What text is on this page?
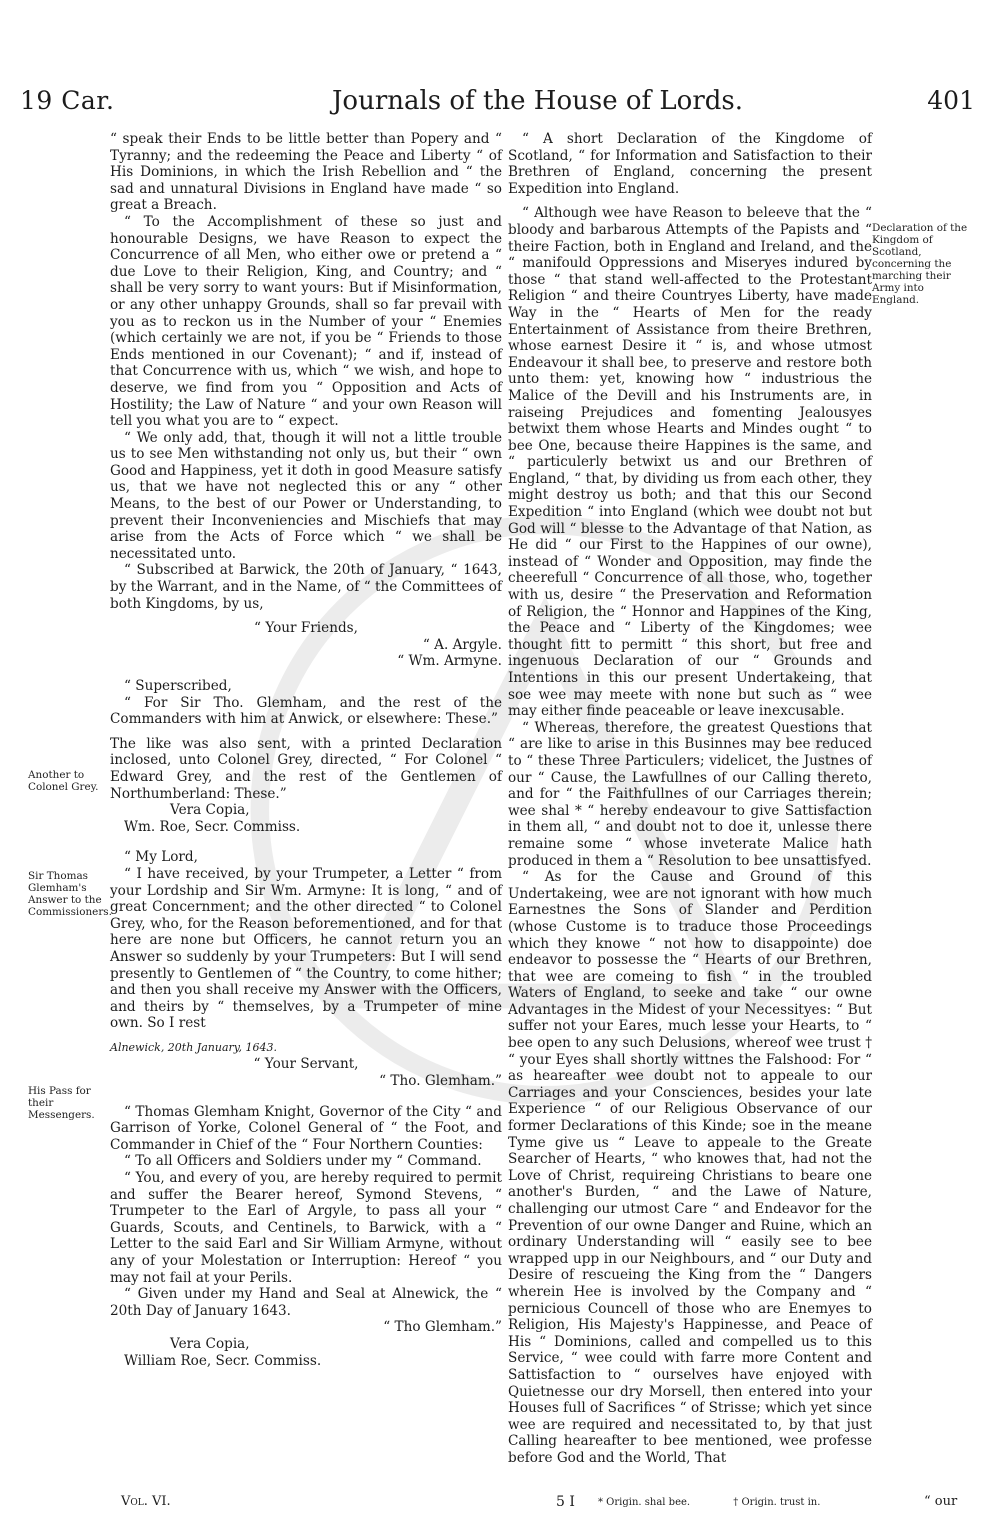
19 Car.	Journals of the House of Lords.	401

“ speak their Ends to be little better than Popery and “ Tyranny; and the redeeming the Peace and Liberty “ of His Dominions, in which the Irish Rebellion and “ the sad and unnatural Divisions in England have made “ so great a Breach.

“ To the Accomplishment of these so just and honourable Designs, we have Reason to expect the Concurrence of all Men, who either owe or pretend a “ due Love to their Religion, King, and Country; and “ shall be very sorry to want yours: But if Misinformation, or any other unhappy Grounds, shall so far prevail with you as to reckon us in the Number of your “ Enemies (which certainly we are not, if you be “ Friends to those Ends mentioned in our Covenant); “ and if, instead of that Concurrence with us, which “ we wish, and hope to deserve, we find from you “ Opposition and Acts of Hostility; the Law of Nature “ and your own Reason will tell you what you are to “ expect.

“ We only add, that, though it will not a little trouble us to see Men withstanding not only us, but their “ own Good and Happiness, yet it doth in good Measure satisfy us, that we have not neglected this or any “ other Means, to the best of our Power or Understanding, to prevent their Inconveniencies and Mischiefs that may arise from the Acts of Force which “ we shall be necessitated unto.

“ Subscribed at Barwick, the 20th of January, “ 1643, by the Warrant, and in the Name, of “ the Committees of both Kingdoms, by us,

“ Your Friends,

“ A. Argyle.

“ Wm. Armyne.

“ Superscribed,

“ For Sir Tho. Glemham, and the rest of the Commanders with him at Anwick, or elsewhere: These.”

The like was also sent, with a printed Declaration inclosed, unto Colonel Grey, directed, “ For Colonel “ Edward Grey, and the rest of the Gentlemen of Northumberland: These.”

Vera Copia,

Wm. Roe, Secr. Commiss.

“ My Lord,

“ I have received, by your Trumpeter, a Letter “ from your Lordship and Sir Wm. Armyne: It is long, “ and of great Concernment; and the other directed “ to Colonel Grey, who, for the Reason beforementioned, and for that here are none but Officers, he cannot return you an Answer so suddenly by your Trumpeters: But I will send presently to Gentlemen of “ the Country, to come hither; and then you shall receive my Answer with the Officers, and theirs by “ themselves, by a Trumpeter of mine own. So I rest

Alnewick, 20th January, 1643.

“ Your Servant,

“ Tho. Glemham.”

“ Thomas Glemham Knight, Governor of the City “ and Garrison of Yorke, Colonel General of “ the Foot, and Commander in Chief of the “ Four Northern Counties:

“ To all Officers and Soldiers under my “ Command.

“ You, and every of you, are hereby required to permit and suffer the Bearer hereof, Symond Stevens, “ Trumpeter to the Earl of Argyle, to pass all your “ Guards, Scouts, and Centinels, to Barwick, with a “ Letter to the said Earl and Sir William Armyne, without any of your Molestation or Interruption: Hereof “ you may not fail at your Perils.

“ Given under my Hand and Seal at Alnewick, the “ 20th Day of January 1643.

“ Tho Glemham.”

Vera Copia,

William Roe, Secr. Commiss.

“ A short Declaration of the Kingdome of Scotland, “ for Information and Satisfaction to their Brethren of England, concerning the present Expedition into England.

“ Although wee have Reason to beleeve that the “ bloody and barbarous Attempts of the Papists and “ theire Faction, both in England and Ireland, and the “ manifould Oppressions and Miseryes indured by those “ that stand well-affected to the Protestant Religion “ and theire Countryes Liberty, have made Way in the “ Hearts of Men for the ready Entertainment of Assistance from theire Brethren, whose earnest Desire it “ is, and whose utmost Endeavour it shall bee, to preserve and restore both unto them: yet, knowing how “ industrious the Malice of the Devill and his Instruments are, in raiseing Prejudices and fomenting Jealousyes betwixt them whose Hearts and Mindes ought “ to bee One, because theire Happines is the same, and “ particulerly betwixt us and our Brethren of England, “ that, by dividing us from each other, they might destroy us both; and that this our Second Expedition “ into England (which wee doubt not but God will “ blesse to the Advantage of that Nation, as He did “ our First to the Happines of our owne), instead of “ Wonder and Opposition, may finde the cheerefull “ Concurrence of all those, who, together with us, desire “ the Preservation and Reformation of Religion, the “ Honnor and Happines of the King, the Peace and “ Liberty of the Kingdomes; wee thought fitt to permitt “ this short, but free and ingenuous Declaration of our “ Grounds and Intentions in this our present Undertakeing, that soe wee may meete with none but such as “ wee may either finde peaceable or leave inexcusable.

“ Whereas, therefore, the greatest Questions that “ are like to arise in this Businnes may bee reduced to “ these Three Particulers; videlicet, the Justnes of our “ Cause, the Lawfullnes of our Calling thereto, and for “ the Faithfullnes of our Carriages therein; wee shal * “ hereby endeavour to give Sattisfaction in them all, “ and doubt not to doe it, unlesse there remaine some “ whose inveterate Malice hath produced in them a “ Resolution to bee unsattisfyed.

“ As for the Cause and Ground of this Undertakeing, wee are not ignorant with how much Earnestnes the Sons of Slander and Perdition (whose Custome is to traduce those Proceedings which they knowe “ not how to disappointe) doe endeavor to possesse the “ Hearts of our Brethren, that wee are comeing to fish “ in the troubled Waters of England, to seeke and take “ our owne Advantages in the Midest of your Necessityes: “ But suffer not your Eares, much lesse your Hearts, to “ bee open to any such Delusions, whereof wee trust † “ your Eyes shall shortly wittnes the Falshood: For “ as heareafter wee doubt not to appeale to our Carriages and your Consciences, besides your late Experience “ of our Religious Observance of our former Declarations of this Kinde; soe in the meane Tyme give us “ Leave to appeale to the Greate Searcher of Hearts, “ who knowes that, had not the Love of Christ, requireing Christians to beare one another's Burden, “ and the Lawe of Nature, challenging our utmost Care “ and Endeavor for the Prevention of our owne Danger and Ruine, which an ordinary Understanding will “ easily see to bee wrapped upp in our Neighbours, and “ our Duty and Desire of rescueing the King from the “ Dangers wherein Hee is involved by the Company and “ pernicious Councell of those who are Enemyes to Religion, His Majesty's Happinesse, and Peace of His “ Dominions, called and compelled us to this Service, “ wee could with farre more Content and Sattisfaction to “ ourselves have enjoyed with Quietnesse our dry Morsell, then entered into your Houses full of Sacrifices “ of Strisse; which yet since wee are required and necessitated to, by that just Calling heareafter to bee mentioned, wee professe before God and the World, That

Another to Colonel Grey.
Sir Thomas Glemham's Answer to the Commissioners.
His Pass for their Messengers.
Declaration of the Kingdom of Scotland, concerning the marching their Army into England.
Vol. VI.	5 I * Origin. shal bee.	† Origin. trust in.	“ our
